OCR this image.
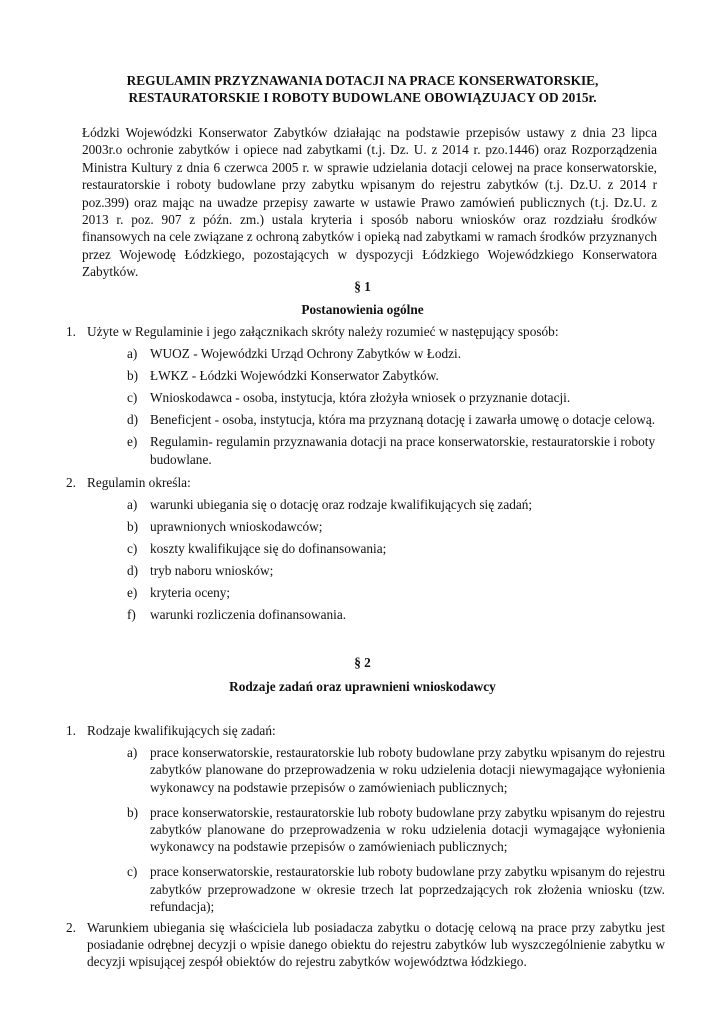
REGULAMIN PRZYZNAWANIA DOTACJI NA PRACE KONSERWATORSKIE,
RESTAURATORSKIE I ROBOTY BUDOWLANE OBOWIĄZUJACY OD 2015r.

Łódzki Wojewódzki Konserwator Zabytków działając na podstawie przepisów ustawy z dnia 23 lipca 2003r.o ochronie zabytków i opiece nad zabytkami (t.j. Dz. U. z 2014 r. pzo.1446) oraz Rozporządzenia Ministra Kultury z dnia 6 czerwca 2005 r. w sprawie udzielania dotacji celowej na prace konserwatorskie, restauratorskie i roboty budowlane przy zabytku wpisanym do rejestru zabytków (t.j. Dz.U. z 2014 r poz.399) oraz mając na uwadze przepisy zawarte w ustawie Prawo zamówień publicznych (t.j. Dz.U. z 2013 r. poz. 907 z późn. zm.) ustala kryteria i sposób naboru wniosków oraz rozdziału środków finansowych na cele związane z ochroną zabytków i opieką nad zabytkami w ramach środków przyznanych przez Wojewodę Łódzkiego, pozostających w dyspozycji Łódzkiego Wojewódzkiego Konserwatora Zabytków.

§ 1
Postanowienia ogólne
1. Użyte w Regulaminie i jego załącznikach skróty należy rozumieć w następujący sposób:
a) WUOZ - Wojewódzki Urząd Ochrony Zabytków w Łodzi.
b) ŁWKZ - Łódzki Wojewódzki Konserwator Zabytków.
c) Wnioskodawca - osoba, instytucja, która złożyła wniosek o przyznanie dotacji.
d) Beneficjent - osoba, instytucja, która ma przyznaną dotację i zawarła umowę o dotacje celową.
e) Regulamin- regulamin przyznawania dotacji na prace konserwatorskie, restauratorskie i roboty budowlane.
2. Regulamin określa:
a) warunki ubiegania się o dotację oraz rodzaje kwalifikujących się zadań;
b) uprawnionych wnioskodawców;
c) koszty kwalifikujące się do dofinansowania;
d) tryb naboru wniosków;
e) kryteria oceny;
f) warunki rozliczenia dofinansowania.
§ 2
Rodzaje zadań oraz uprawnieni wnioskodawcy
1. Rodzaje kwalifikujących się zadań:
a) prace konserwatorskie, restauratorskie lub roboty budowlane przy zabytku wpisanym do rejestru zabytków planowane do przeprowadzenia w roku udzielenia dotacji niewymagające wyłonienia wykonawcy na podstawie przepisów o zamówieniach publicznych;
b) prace konserwatorskie, restauratorskie lub roboty budowlane przy zabytku wpisanym do rejestru zabytków planowane do przeprowadzenia w roku udzielenia dotacji wymagające wyłonienia wykonawcy na podstawie przepisów o zamówieniach publicznych;
c) prace konserwatorskie, restauratorskie lub roboty budowlane przy zabytku wpisanym do rejestru zabytków przeprowadzone w okresie trzech lat poprzedzających rok złożenia wniosku (tzw. refundacja);
2. Warunkiem ubiegania się właściciela lub posiadacza zabytku o dotację celową na prace przy zabytku jest posiadanie odrębnej decyzji o wpisie danego obiektu do rejestru zabytków lub wyszczególnienie zabytku w decyzji wpisującej zespół obiektów do rejestru zabytków województwa łódzkiego.
